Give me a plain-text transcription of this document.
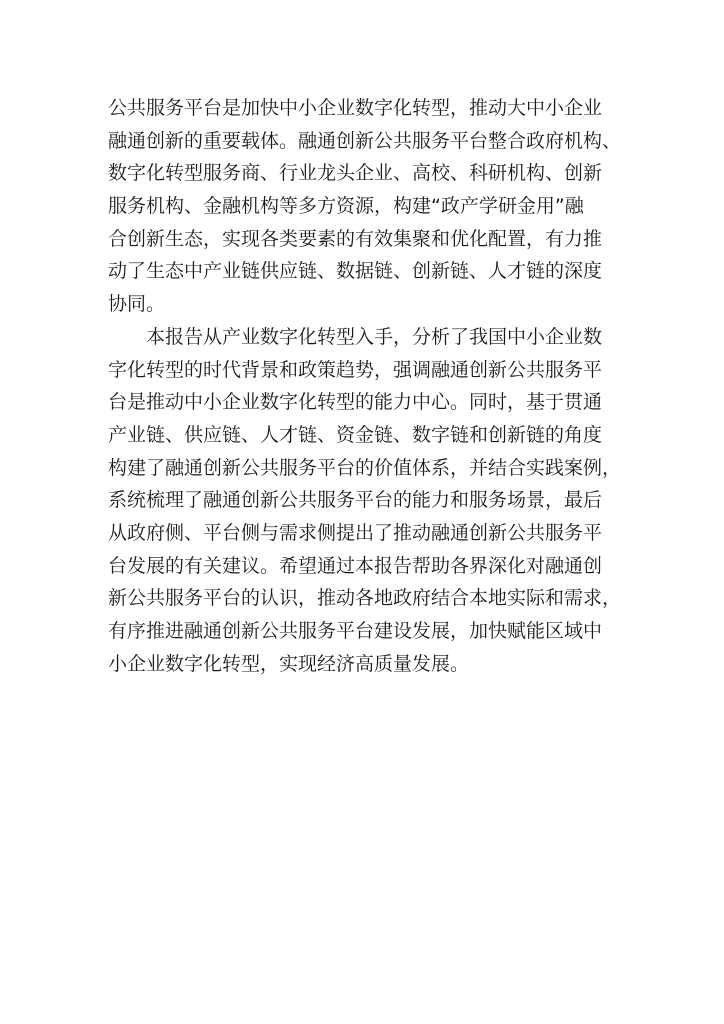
公共服务平台是加快中小企业数字化转型，推动大中小企业
融通创新的重要载体。融通创新公共服务平台整合政府机构、
数字化转型服务商、行业龙头企业、高校、科研机构、创新
服务机构、金融机构等多方资源，构建“政产学研金用”融
合创新生态，实现各类要素的有效集聚和优化配置，有力推
动了生态中产业链供应链、数据链、创新链、人才链的深度
协同。
　　本报告从产业数字化转型入手，分析了我国中小企业数
字化转型的时代背景和政策趋势，强调融通创新公共服务平
台是推动中小企业数字化转型的能力中心。同时，基于贯通
产业链、供应链、人才链、资金链、数字链和创新链的角度
构建了融通创新公共服务平台的价值体系，并结合实践案例，
系统梳理了融通创新公共服务平台的能力和服务场景，最后
从政府侧、平台侧与需求侧提出了推动融通创新公共服务平
台发展的有关建议。希望通过本报告帮助各界深化对融通创
新公共服务平台的认识，推动各地政府结合本地实际和需求，
有序推进融通创新公共服务平台建设发展，加快赋能区域中
小企业数字化转型，实现经济高质量发展。
